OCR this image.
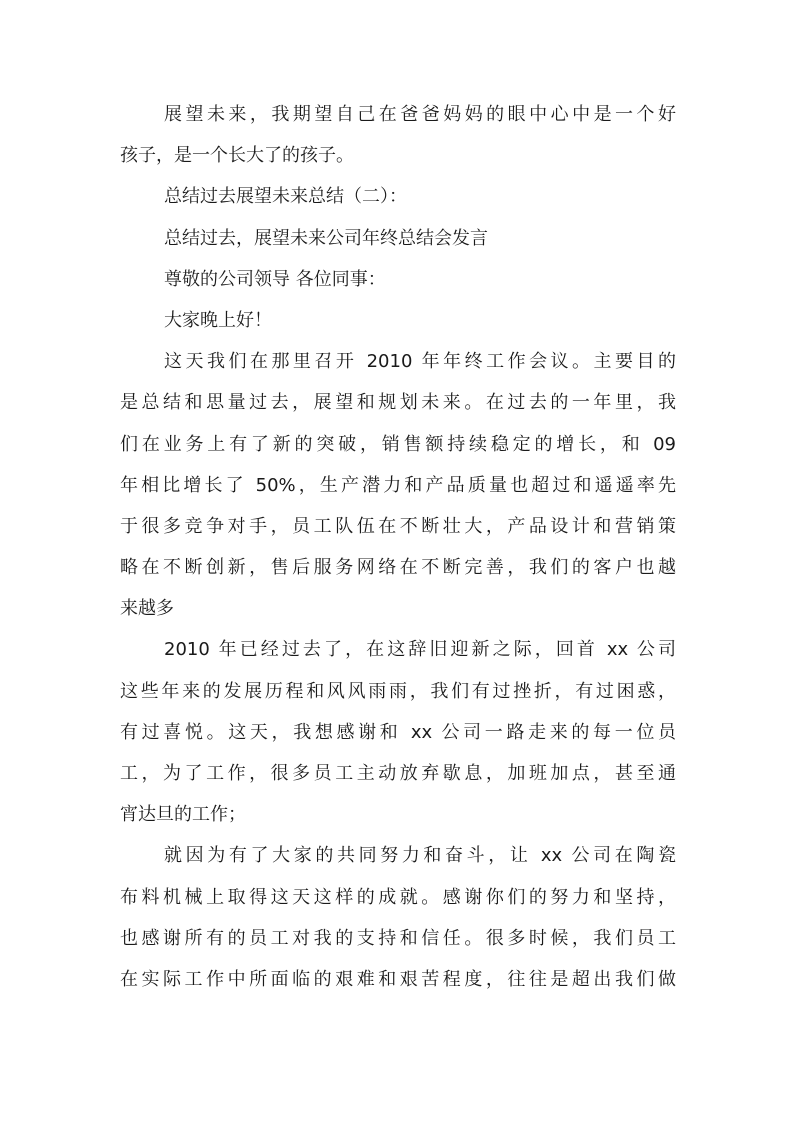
展望未来，我期望自己在爸爸妈妈的眼中心中是一个好
孩子，是一个长大了的孩子。
总结过去展望未来总结（二）：
总结过去，展望未来公司年终总结会发言
尊敬的公司领导 各位同事：
大家晚上好！
这天我们在那里召开 2010 年年终工作会议。主要目的
是总结和思量过去，展望和规划未来。在过去的一年里，我
们在业务上有了新的突破，销售额持续稳定的增长，和 09
年相比增长了 50%，生产潜力和产品质量也超过和遥遥率先
于很多竞争对手，员工队伍在不断壮大，产品设计和营销策
略在不断创新，售后服务网络在不断完善，我们的客户也越
来越多
2010 年已经过去了，在这辞旧迎新之际，回首 xx 公司
这些年来的发展历程和风风雨雨，我们有过挫折，有过困惑，
有过喜悦。这天，我想感谢和 xx 公司一路走来的每一位员
工，为了工作，很多员工主动放弃歇息，加班加点，甚至通
宵达旦的工作；
就因为有了大家的共同努力和奋斗，让 xx 公司在陶瓷
布料机械上取得这天这样的成就。感谢你们的努力和坚持，
也感谢所有的员工对我的支持和信任。很多时候，我们员工
在实际工作中所面临的艰难和艰苦程度，往往是超出我们做
